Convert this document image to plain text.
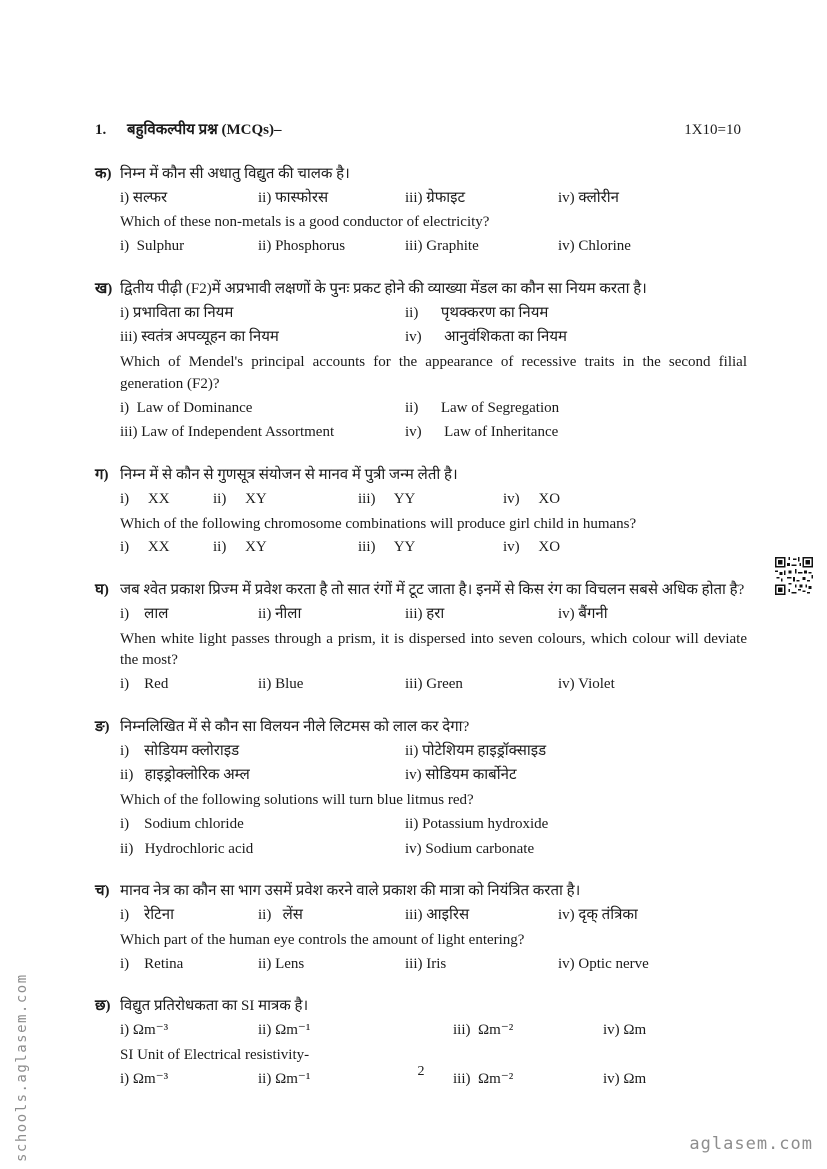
1.	बहुविकल्पीय प्रश्न (MCQs)–	1X10=10
क) निम्न में कौन सी अधातु विद्युत की चालक है।

i) सल्फर	ii) फास्फोरस	iii) ग्रेफाइट	iv) क्लोरीन

Which of these non-metals is a good conductor of electricity?

i)  Sulphur	ii) Phosphorus	iii) Graphite	iv) Chlorine
ख) द्वितीय पीढ़ी (F2)में अप्रभावी लक्षणों के पुनः प्रकट होने की व्याख्या मेंडल का कौन सा नियम करता है।

i) प्रभाविता का नियम	ii)      पृथक्करण का नियम
iii) स्वतंत्र अपव्यूहन का नियम	iv)      आनुवंशिकता का नियम

Which of Mendel's principal accounts for the appearance of recessive traits in the second filial generation (F2)?

i)  Law of Dominance	ii)      Law of Segregation
iii) Law of Independent Assortment	iv)      Law of Inheritance
ग) निम्न में से कौन से गुणसूत्र संयोजन से मानव में पुत्री जन्म लेती है।

i)     XX	ii)     XY	iii)     YY	iv)     XO

Which of the following chromosome combinations will produce girl child in humans?

i)     XX	ii)     XY	iii)     YY	iv)     XO
घ) जब श्वेत प्रकाश प्रिज्म में प्रवेश करता है तो सात रंगों में टूट जाता है। इनमें से किस रंग का विचलन सबसे अधिक होता है?

i)    लाल	ii) नीला	iii) हरा	iv) बैंगनी

When white light passes through a prism, it is dispersed into seven colours, which colour will deviate the most?

i)    Red	ii) Blue	iii) Green	iv) Violet
ङ) निम्नलिखित में से कौन सा विलयन नीले लिटमस को लाल कर देगा?

i)    सोडियम क्लोराइड	ii) पोटेशियम हाइड्रॉक्साइड
ii)   हाइड्रोक्लोरिक अम्ल	iv) सोडियम कार्बोनेट

Which of the following solutions will turn blue litmus red?

i)    Sodium chloride	ii) Potassium hydroxide
ii)   Hydrochloric acid	iv) Sodium carbonate
च) मानव नेत्र का कौन सा भाग उसमें प्रवेश करने वाले प्रकाश की मात्रा को नियंत्रित करता है।

i)    रेटिना	ii)   लेंस	iii) आइरिस	iv) दृक् तंत्रिका

Which part of the human eye controls the amount of light entering?

i)    Retina	ii) Lens	iii) Iris	iv) Optic nerve
छ) विद्युत प्रतिरोधकता का SI मात्रक है।

i) Ωm⁻³	ii) Ωm⁻¹	iii)  Ωm⁻²	iv) Ωm

SI Unit of Electrical resistivity-

i) Ωm⁻³	ii) Ωm⁻¹	iii)  Ωm⁻²	iv) Ωm
2
schools.aglasem.com	aglasem.com
